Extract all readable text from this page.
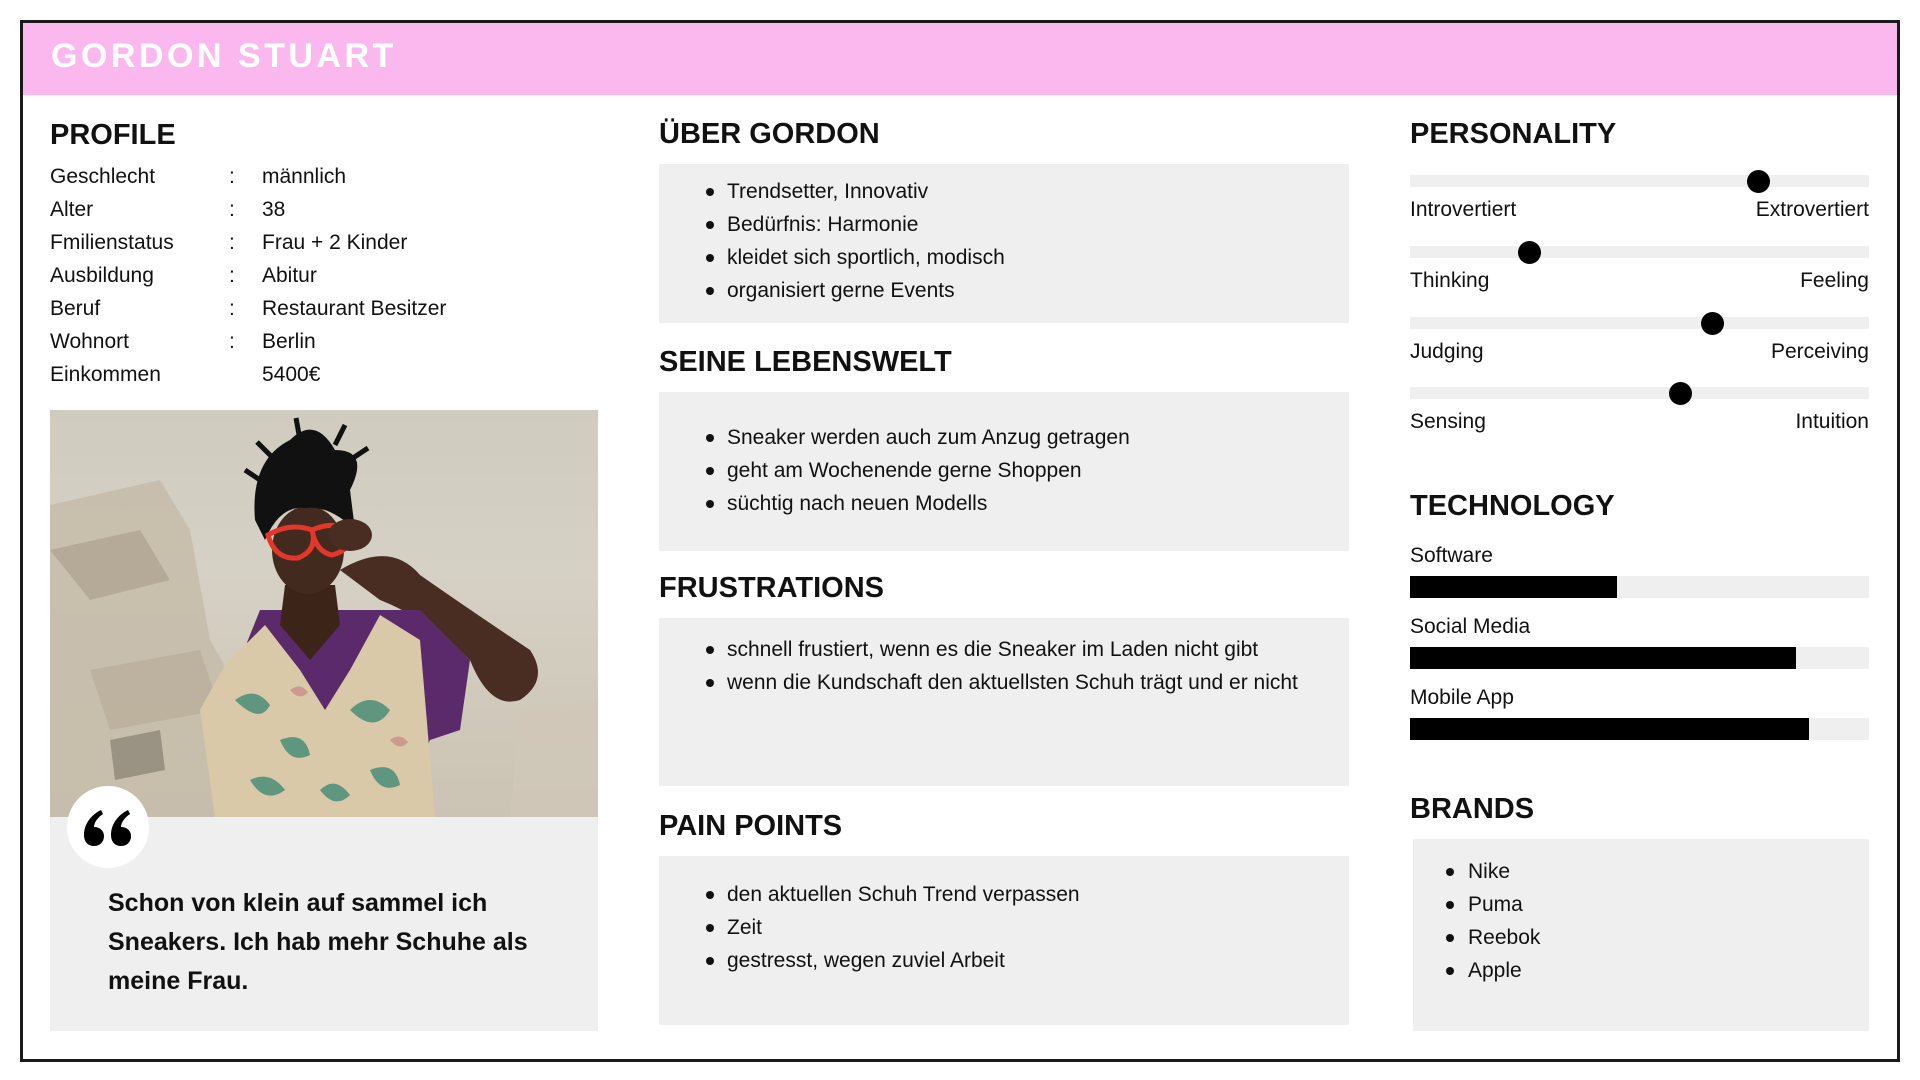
GORDON STUART
PROFILE
Geschlecht	: männlich
Alter	: 38
Fmilienstatus	: Frau + 2 Kinder
Ausbildung	: Abitur
Beruf	: Restaurant Besitzer
Wohnort	: Berlin
Einkommen	5400€
Schon von klein auf sammel ich Sneakers. Ich hab mehr Schuhe als meine Frau.
ÜBER GORDON
Trendsetter, Innovativ
Bedürfnis: Harmonie
kleidet sich sportlich, modisch
organisiert gerne Events
SEINE LEBENSWELT
Sneaker werden auch zum Anzug getragen
geht am Wochenende gerne Shoppen
süchtig nach neuen Modells
FRUSTRATIONS
schnell frustiert, wenn es die Sneaker im Laden nicht gibt
wenn die Kundschaft den aktuellsten Schuh trägt und er nicht
PAIN POINTS
den aktuellen Schuh Trend verpassen
Zeit
gestresst, wegen zuviel Arbeit
PERSONALITY
Introvertiert	Extrovertiert
Thinking	Feeling
Judging	Perceiving
Sensing	Intuition
TECHNOLOGY
Software
Social Media
Mobile App
BRANDS
Nike
Puma
Reebok
Apple
